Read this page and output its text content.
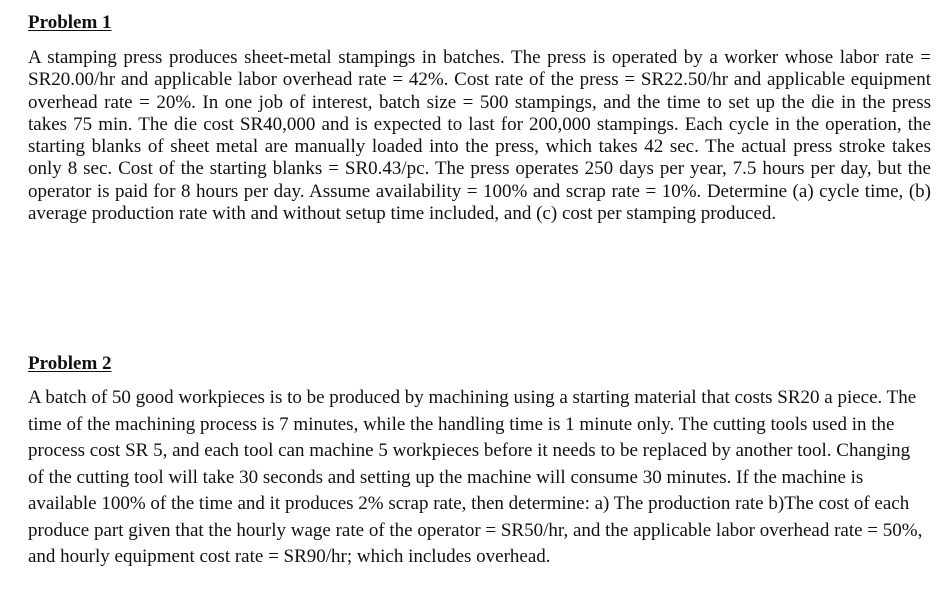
Problem 1

A stamping press produces sheet-metal stampings in batches. The press is operated by a worker whose labor rate = SR20.00/hr and applicable labor overhead rate = 42%. Cost rate of the press = SR22.50/hr and applicable equipment overhead rate = 20%. In one job of interest, batch size = 500 stampings, and the time to set up the die in the press takes 75 min. The die cost SR40,000 and is expected to last for 200,000 stampings. Each cycle in the operation, the starting blanks of sheet metal are manually loaded into the press, which takes 42 sec. The actual press stroke takes only 8 sec. Cost of the starting blanks = SR0.43/pc. The press operates 250 days per year, 7.5 hours per day, but the operator is paid for 8 hours per day. Assume availability = 100% and scrap rate = 10%. Determine (a) cycle time, (b) average production rate with and without setup time included, and (c) cost per stamping produced.

Problem 2

A batch of 50 good workpieces is to be produced by machining using a starting material that costs SR20 a piece. The time of the machining process is 7 minutes, while the handling time is 1 minute only. The cutting tools used in the process cost SR 5, and each tool can machine 5 workpieces before it needs to be replaced by another tool. Changing of the cutting tool will take 30 seconds and setting up the machine will consume 30 minutes. If the machine is available 100% of the time and it produces 2% scrap rate, then determine: a) The production rate b)The cost of each produce part given that the hourly wage rate of the operator = SR50/hr, and the applicable labor overhead rate = 50%, and hourly equipment cost rate = SR90/hr; which includes overhead.
